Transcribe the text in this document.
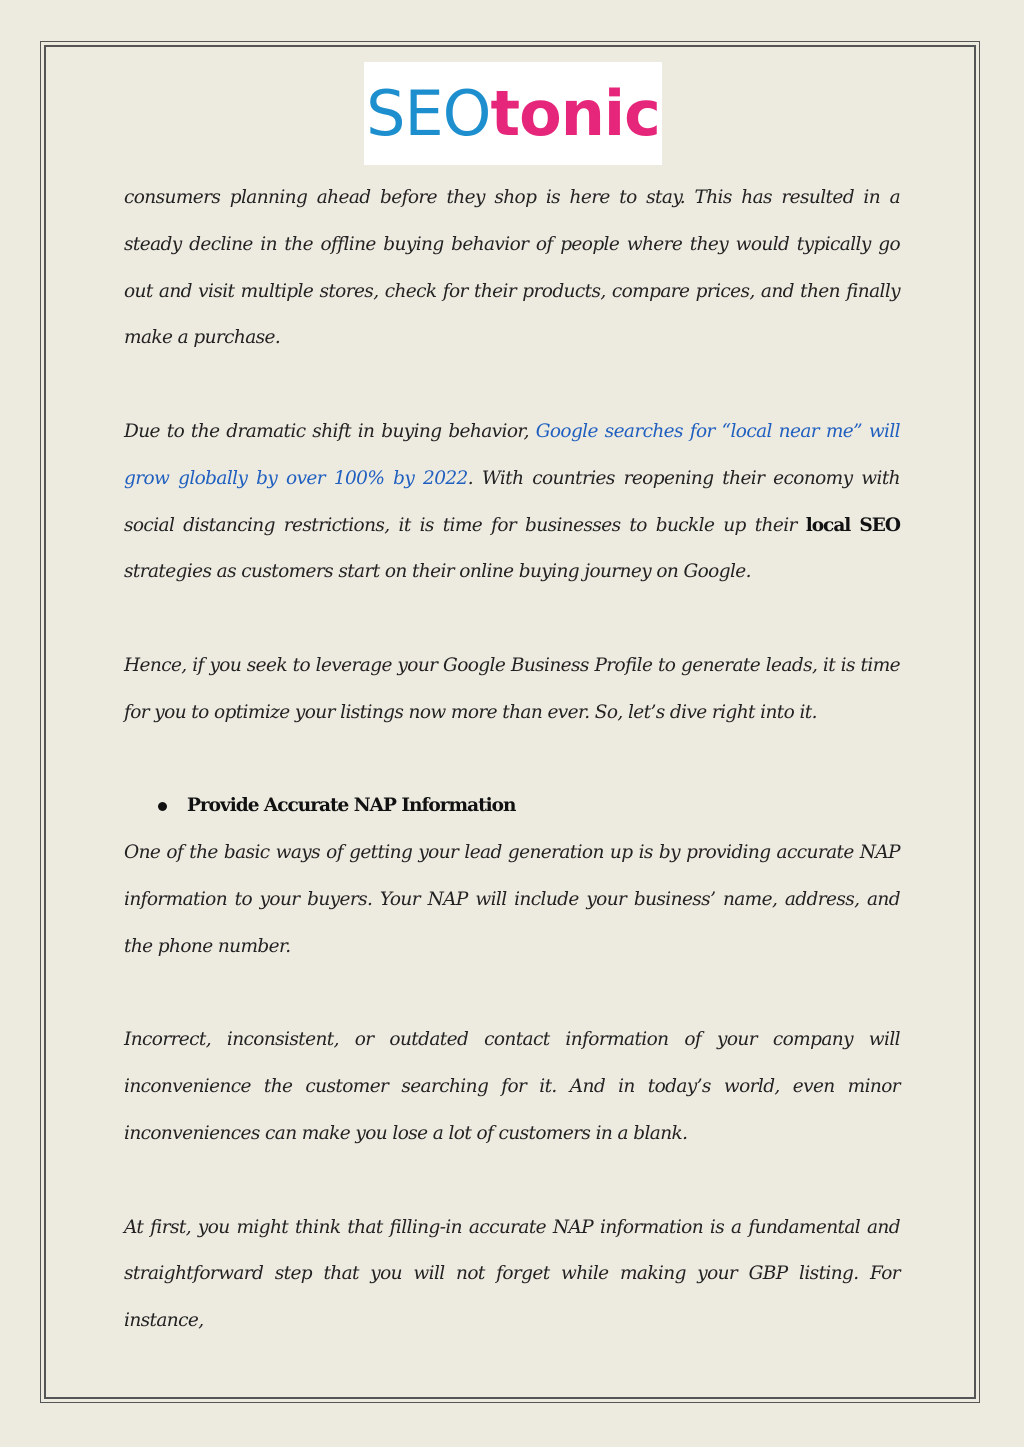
SEOtonic

consumers planning ahead before they shop is here to stay. This has resulted in a steady decline in the offline buying behavior of people where they would typically go out and visit multiple stores, check for their products, compare prices, and then finally make a purchase.

Due to the dramatic shift in buying behavior, Google searches for “local near me” will grow globally by over 100% by 2022. With countries reopening their economy with social distancing restrictions, it is time for businesses to buckle up their local SEO strategies as customers start on their online buying journey on Google.

Hence, if you seek to leverage your Google Business Profile to generate leads, it is time for you to optimize your listings now more than ever. So, let’s dive right into it.

Provide Accurate NAP Information

One of the basic ways of getting your lead generation up is by providing accurate NAP information to your buyers. Your NAP will include your business’ name, address, and the phone number.

Incorrect, inconsistent, or outdated contact information of your company will inconvenience the customer searching for it. And in today’s world, even minor inconveniences can make you lose a lot of customers in a blank.

At first, you might think that filling-in accurate NAP information is a fundamental and straightforward step that you will not forget while making your GBP listing. For instance,
